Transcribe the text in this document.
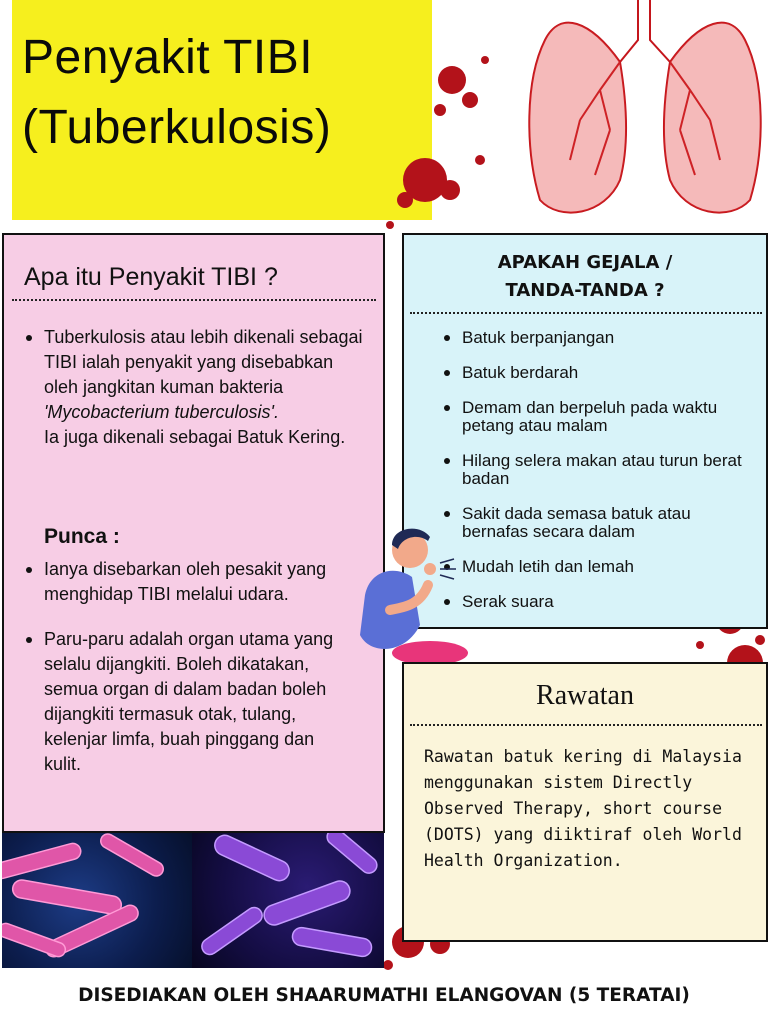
Penyakit TIBI
(Tuberkulosis)
Apa itu Penyakit TIBI ?
Tuberkulosis atau lebih dikenali sebagai TIBI ialah penyakit yang disebabkan oleh jangkitan kuman bakteria
'Mycobacterium tuberculosis'.
Ia juga dikenali sebagai Batuk Kering.
Punca :
Ianya disebarkan oleh pesakit yang menghidap TIBI melalui udara.
Paru-paru adalah organ utama yang selalu dijangkiti. Boleh dikatakan, semua organ di dalam badan boleh dijangkiti termasuk otak, tulang, kelenjar limfa, buah pinggang dan kulit.
APAKAH GEJALA /
TANDA-TANDA ?
Batuk berpanjangan
Batuk berdarah
Demam dan berpeluh pada waktu petang atau malam
Hilang selera makan atau turun berat badan
Sakit dada semasa batuk atau bernafas secara dalam
Mudah letih dan lemah
Serak suara
Rawatan
Rawatan batuk kering di Malaysia menggunakan sistem Directly Observed Therapy, short course (DOTS) yang diiktiraf oleh World Health Organization.
DISEDIAKAN OLEH SHAARUMATHI ELANGOVAN (5 TERATAI)
